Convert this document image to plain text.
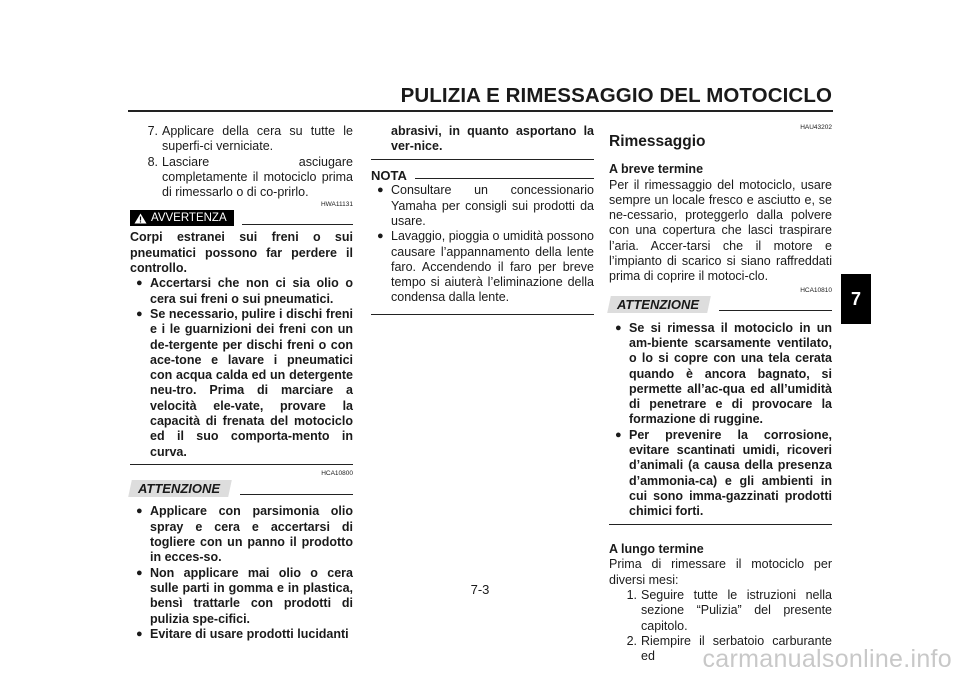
PULIZIA E RIMESSAGGIO DEL MOTOCICLO
7
7. Applicare della cera su tutte le superfi-ci verniciate.
8. Lasciare asciugare completamente il motociclo prima di rimessarlo o di co-prirlo.
HWA11131
AVVERTENZA
Corpi estranei sui freni o sui pneumatici possono far perdere il controllo.
● Accertarsi che non ci sia olio o cera sui freni o sui pneumatici.
● Se necessario, pulire i dischi freni e i le guarnizioni dei freni con un de-tergente per dischi freni o con ace-tone e lavare i pneumatici con acqua calda ed un detergente neu-tro. Prima di marciare a velocità ele-vate, provare la capacità di frenata del motociclo ed il suo comporta-mento in curva.
HCA10800
ATTENZIONE
● Applicare con parsimonia olio spray e cera e accertarsi di togliere con un panno il prodotto in ecces-so.
● Non applicare mai olio o cera sulle parti in gomma e in plastica, bensì trattarle con prodotti di pulizia spe-cifici.
● Evitare di usare prodotti lucidanti
abrasivi, in quanto asportano la ver-nice.
NOTA
● Consultare un concessionario Yamaha per consigli sui prodotti da usare.
● Lavaggio, pioggia o umidità possono causare l’appannamento della lente faro. Accendendo il faro per breve tempo si aiuterà l’eliminazione della condensa dalla lente.
HAU43202
Rimessaggio
A breve termine
Per il rimessaggio del motociclo, usare sempre un locale fresco e asciutto e, se ne-cessario, proteggerlo dalla polvere con una copertura che lasci traspirare l’aria. Accer-tarsi che il motore e l’impianto di scarico si siano raffreddati prima di coprire il motoci-clo.
HCA10810
ATTENZIONE
● Se si rimessa il motociclo in un am-biente scarsamente ventilato, o lo si copre con una tela cerata quando è ancora bagnato, si permette all’ac-qua ed all’umidità di penetrare e di provocare la formazione di ruggine.
● Per prevenire la corrosione, evitare scantinati umidi, ricoveri d’animali (a causa della presenza d’ammonia-ca) e gli ambienti in cui sono imma-gazzinati prodotti chimici forti.
A lungo termine
Prima di rimessare il motociclo per diversi mesi:
1. Seguire tutte le istruzioni nella sezione “Pulizia” del presente capitolo.
2. Riempire il serbatoio carburante ed
7-3
carmanualsonline.info
